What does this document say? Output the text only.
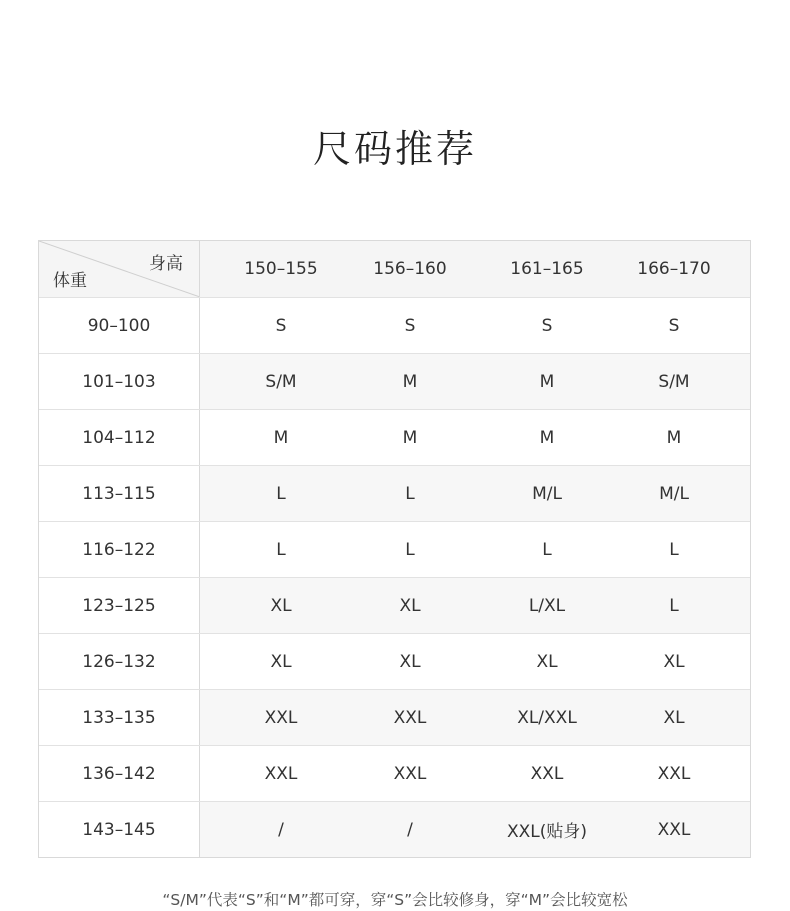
尺码推荐
身高
体重
150–155	156–160	161–165	166–170
90–100	S	S	S	S
101–103	S/M	M	M	S/M
104–112	M	M	M	M
113–115	L	L	M/L	M/L
116–122	L	L	L	L
123–125	XL	XL	L/XL	L
126–132	XL	XL	XL	XL
133–135	XXL	XXL	XL/XXL	XL
136–142	XXL	XXL	XXL	XXL
143–145	/	/	XXL(贴身)	XXL
“S/M”代表“S”和“M”都可穿，穿“S”会比较修身，穿“M”会比较宽松
